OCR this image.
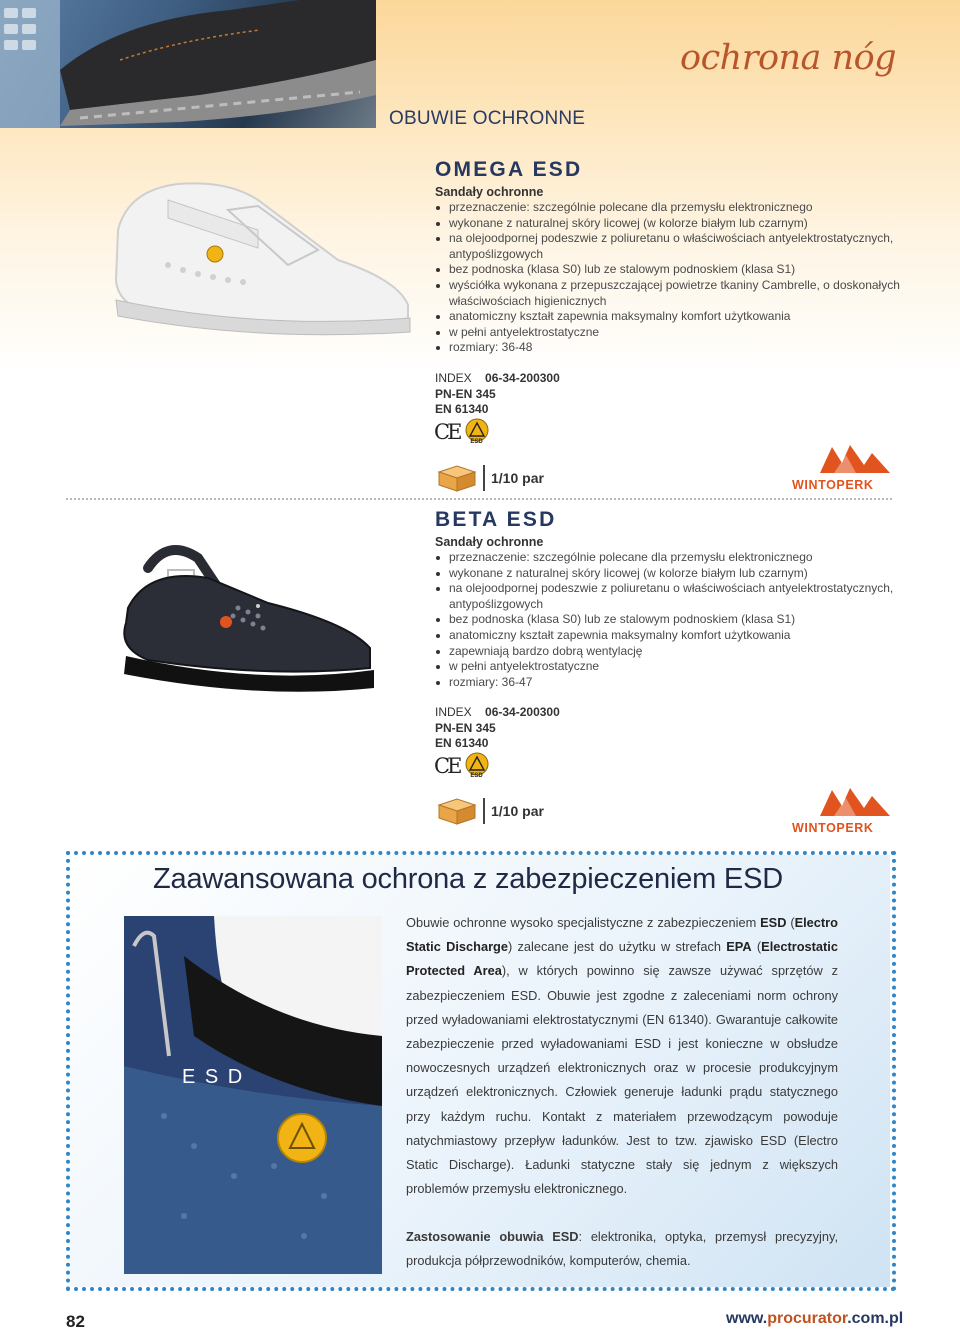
ochrona nóg
OBUWIE OCHRONNE
OMEGA ESD
Sandały ochronne
przeznaczenie: szczególnie polecane dla przemysłu elektronicznego
wykonane z naturalnej skóry licowej (w kolorze białym lub czarnym)
na olejoodpornej podeszwie z poliuretanu o właściwościach antyelektrostatycznych, antypoślizgowych
bez podnoska (klasa S0) lub ze stalowym podnoskiem (klasa S1)
wyściółka wykonana z przepuszczającej powietrze tkaniny Cambrelle, o doskonałych właściwościach higienicznych
anatomiczny kształt zapewnia maksymalny komfort użytkowania
w pełni antyelektrostatyczne
rozmiary: 36-48
INDEX 06-34-200300
PN-EN 345
EN 61340
CE ESD
1/10 par	WINTOPERK
BETA ESD
Sandały ochronne
przeznaczenie: szczególnie polecane dla przemysłu elektronicznego
wykonane z naturalnej skóry licowej (w kolorze białym lub czarnym)
na olejoodpornej podeszwie z poliuretanu o właściwościach antyelektrostatycznych, antypoślizgowych
bez podnoska (klasa S0) lub ze stalowym podnoskiem (klasa S1)
anatomiczny kształt zapewnia maksymalny komfort użytkowania
zapewniają bardzo dobrą wentylację
w pełni antyelektrostatyczne
rozmiary: 36-47
INDEX 06-34-200300
PN-EN 345
EN 61340
CE ESD
1/10 par
WINTOPERK
Zaawansowana ochrona z zabezpieczeniem ESD
E S D
Obuwie ochronne wysoko specjalistyczne z zabezpieczeniem ESD (Electro Static Discharge) zalecane jest do użytku w strefach EPA (Electrostatic Protected Area), w których powinno się zawsze używać sprzętów z zabezpieczeniem ESD. Obuwie jest zgodne z zaleceniami norm ochrony przed wyładowaniami elektrostatycznymi (EN 61340). Gwarantuje całkowite zabezpieczenie przed wyładowaniami ESD i jest konieczne w obsłudze nowoczesnych urządzeń elektronicznych oraz w procesie produkcyjnym urządzeń elektronicznych. Człowiek generuje ładunki prądu statycznego przy każdym ruchu. Kontakt z materiałem przewodzącym powoduje natychmiastowy przepływ ładunków. Jest to tzw. zjawisko ESD (Electro Static Discharge). Ładunki statyczne stały się jednym z większych problemów przemysłu elektronicznego.
Zastosowanie obuwia ESD: elektronika, optyka, przemysł precyzyjny, produkcja półprzewodników, komputerów, chemia.
82	www.procurator.com.pl
